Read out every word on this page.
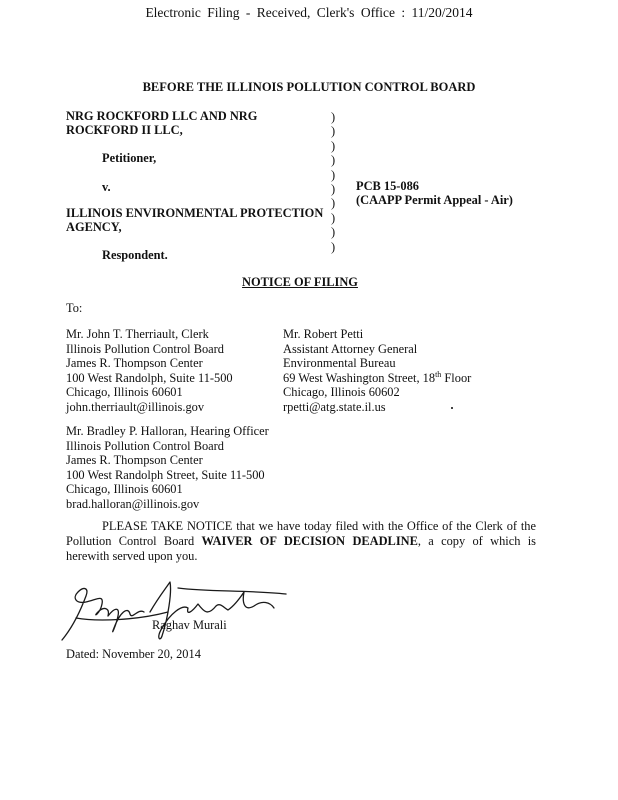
Electronic Filing - Received, Clerk's Office : 11/20/2014
BEFORE THE ILLINOIS POLLUTION CONTROL BOARD
NRG ROCKFORD LLC AND NRG
ROCKFORD II LLC,
Petitioner,
v.
ILLINOIS ENVIRONMENTAL PROTECTION
AGENCY,
Respondent.
)
)
)
)
)
)
)
)
)
)
PCB 15-086
(CAAPP Permit Appeal - Air)
NOTICE OF FILING
To:
Mr. John T. Therriault, Clerk
Illinois Pollution Control Board
James R. Thompson Center
100 West Randolph, Suite 11-500
Chicago, Illinois 60601
john.therriault@illinois.gov
Mr. Robert Petti
Assistant Attorney General
Environmental Bureau
69 West Washington Street, 18th Floor
Chicago, Illinois 60602
rpetti@atg.state.il.us
Mr. Bradley P. Halloran, Hearing Officer
Illinois Pollution Control Board
James R. Thompson Center
100 West Randolph Street, Suite 11-500
Chicago, Illinois 60601
brad.halloran@illinois.gov
PLEASE TAKE NOTICE that we have today filed with the Office of the Clerk of the Pollution Control Board WAIVER OF DECISION DEADLINE, a copy of which is herewith served upon you.
Raghav Murali
Dated: November 20, 2014
